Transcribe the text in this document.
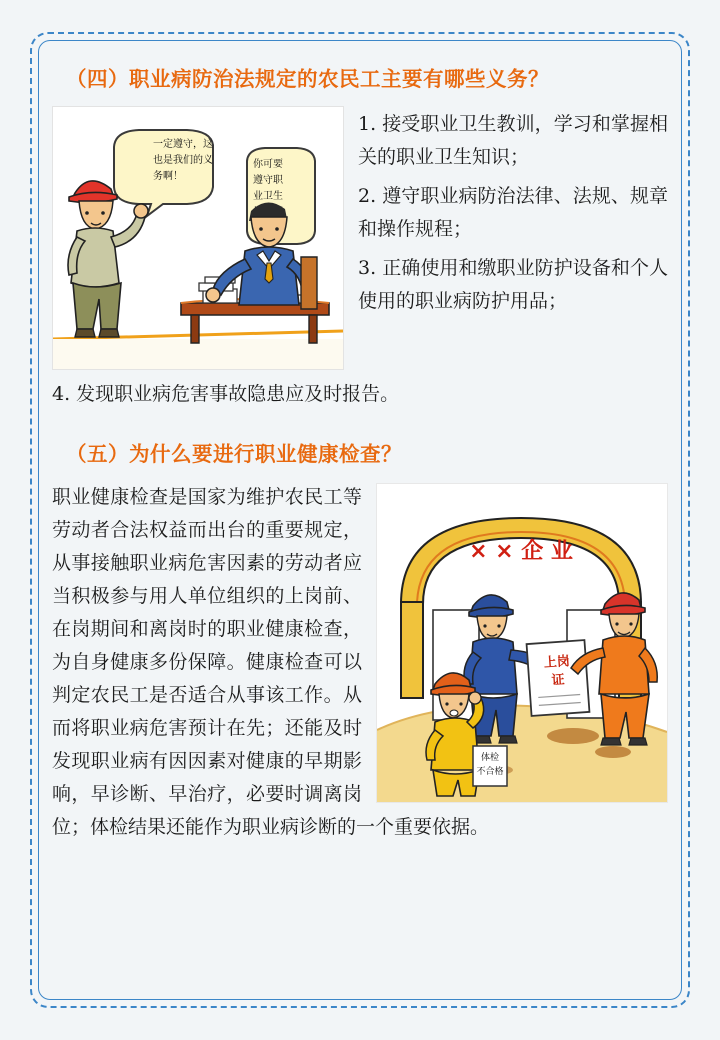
（四）职业病防治法规定的农民工主要有哪些义务？
一定遵守，这
也是我们的义
务啊！
你可要
遵守职
业卫生

1. 接受职业卫生教训，学习和掌握相关的职业卫生知识；

2. 遵守职业病防治法律、法规、规章和操作规程；

3. 正确使用和缴职业防护设备和个人使用的职业病防护用品；

4. 发现职业病危害事故隐患应及时报告。
（五）为什么要进行职业健康检查？
× × 企 业
上岗
证
体检
不合格

职业健康检查是国家为维护农民工等劳动者合法权益而出台的重要规定，从事接触职业病危害因素的劳动者应当积极参与用人单位组织的上岗前、在岗期间和离岗时的职业健康检查，为自身健康多份保障。健康检查可以判定农民工是否适合从事该工作。从而将职业病危害预计在先；还能及时发现职业病有因因素对健康的早期影响，早诊断、早治疗，必要时调离岗位；体检结果还能作为职业病诊断的一个重要依据。
